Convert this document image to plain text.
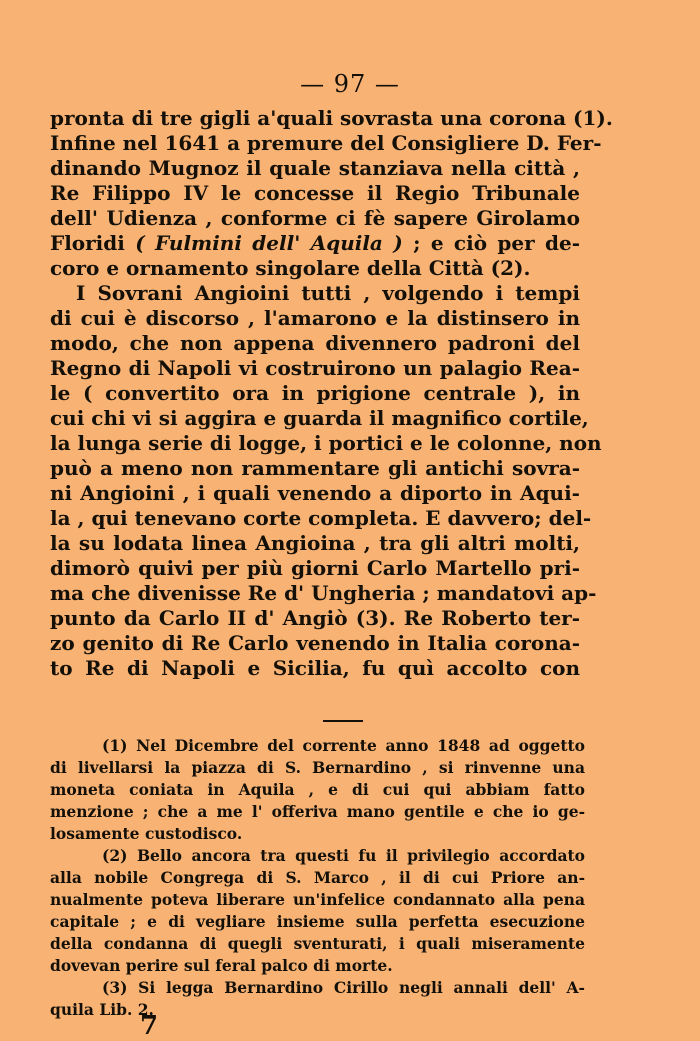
— 97 —
pronta di tre gigli a'quali sovrasta una corona (1).
Infine nel 1641 a premure del Consigliere D. Fer-
dinando Mugnoz il quale stanziava nella città ,
Re Filippo IV le concesse il Regio Tribunale
dell' Udienza , conforme ci fè sapere Girolamo
Floridi ( Fulmini dell' Aquila ) ; e ciò per de-
coro e ornamento singolare della Città (2).
I Sovrani Angioini tutti , volgendo i tempi
di cui è discorso , l'amarono e la distinsero in
modo, che non appena divennero padroni del
Regno di Napoli vi costruirono un palagio Rea-
le ( convertito ora in prigione centrale ), in
cui chi vi si aggira e guarda il magnifico cortile,
la lunga serie di logge, i portici e le colonne, non
può a meno non rammentare gli antichi sovra-
ni Angioini , i quali venendo a diporto in Aqui-
la , qui tenevano corte completa. E davvero; del-
la su lodata linea Angioina , tra gli altri molti,
dimorò quivi per più giorni Carlo Martello pri-
ma che divenisse Re d' Ungheria ; mandatovi ap-
punto da Carlo II d' Angiò (3). Re Roberto ter-
zo genito di Re Carlo venendo in Italia corona-
to Re di Napoli e Sicilia, fu quì accolto con
(1) Nel Dicembre del corrente anno 1848 ad oggetto
di livellarsi la piazza di S. Bernardino , si rinvenne una
moneta coniata in Aquila , e di cui qui abbiam fatto
menzione ; che a me l' offeriva mano gentile e che io ge-
losamente custodisco.
(2) Bello ancora tra questi fu il privilegio accordato
alla nobile Congrega di S. Marco , il di cui Priore an-
nualmente poteva liberare un'infelice condannato alla pena
capitale ; e di vegliare insieme sulla perfetta esecuzione
della condanna di quegli sventurati, i quali miseramente
dovevan perire sul feral palco di morte.
(3) Si legga Bernardino Cirillo negli annali dell' A-
quila Lib. 2.
7
